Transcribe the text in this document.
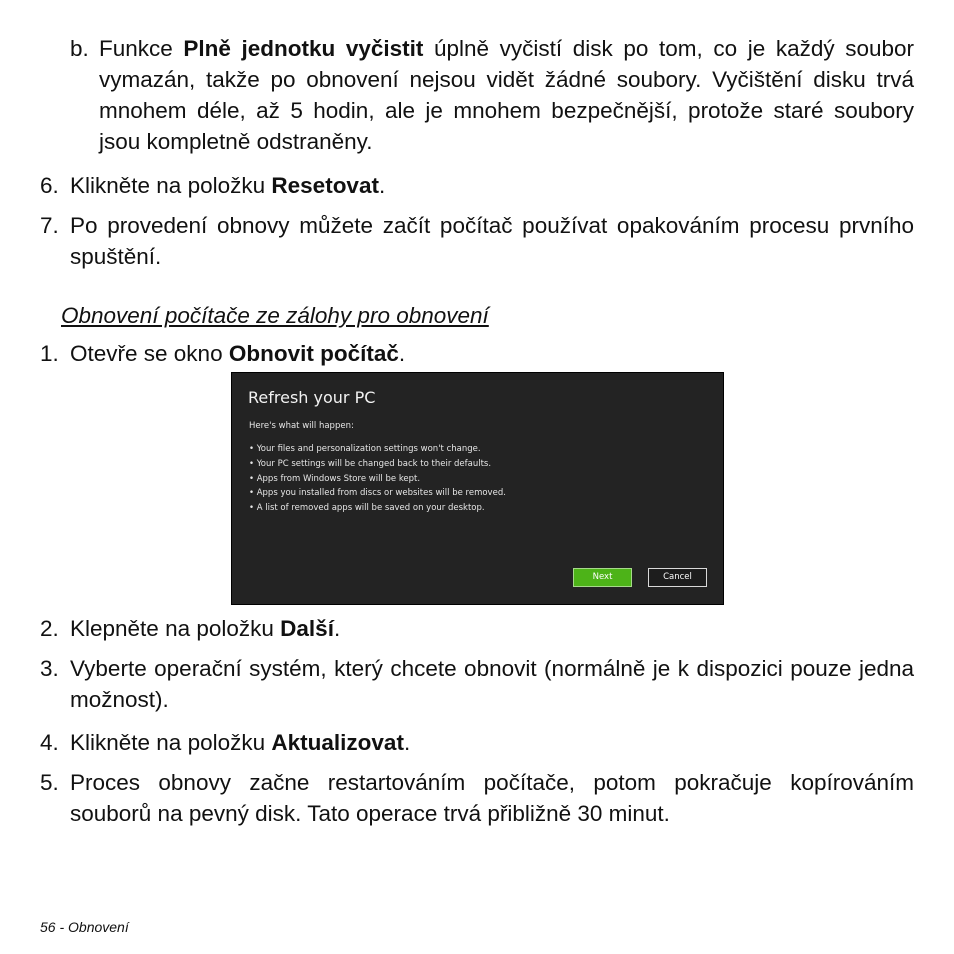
b. Funkce Plně jednotku vyčistit úplně vyčistí disk po tom, co je každý soubor vymazán, takže po obnovení nejsou vidět žádné soubory. Vyčištění disku trvá mnohem déle, až 5 hodin, ale je mnohem bezpečnější, protože staré soubory jsou kompletně odstraněny.
6. Klikněte na položku Resetovat.
7. Po provedení obnovy můžete začít počítač používat opakováním procesu prvního spuštění.
Obnovení počítače ze zálohy pro obnovení
1. Otevře se okno Obnovit počítač.
Refresh your PC
Here's what will happen:
• Your files and personalization settings won't change.
• Your PC settings will be changed back to their defaults.
• Apps from Windows Store will be kept.
• Apps you installed from discs or websites will be removed.
• A list of removed apps will be saved on your desktop.
Next	Cancel
2. Klepněte na položku Další.
3. Vyberte operační systém, který chcete obnovit (normálně je k dispozici pouze jedna možnost).
4. Klikněte na položku Aktualizovat.
5. Proces obnovy začne restartováním počítače, potom pokračuje kopírováním souborů na pevný disk. Tato operace trvá přibližně 30 minut.
56 - Obnovení
